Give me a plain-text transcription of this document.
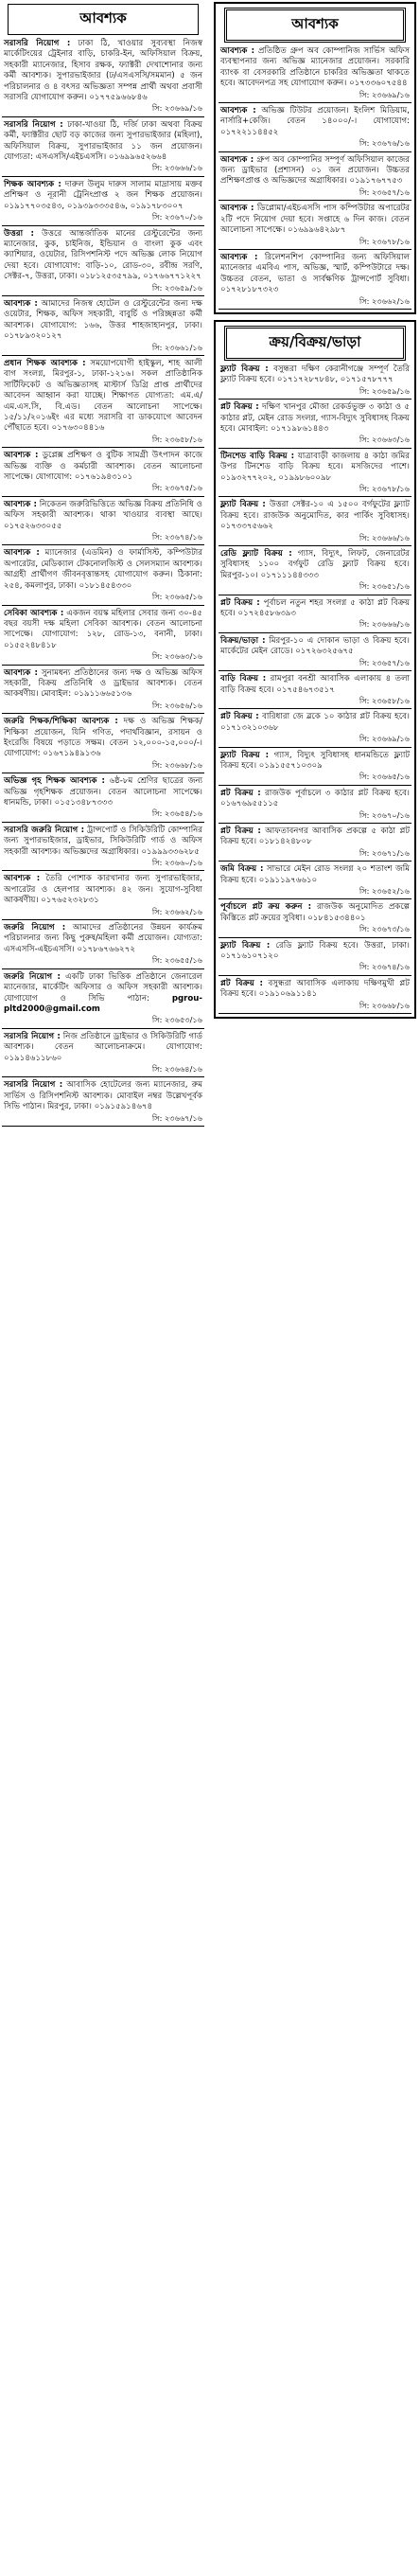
আবশ্যক
সরাসরি নিয়োগ : ঢাকা ঠি, খাওয়ার সুব্যবস্থা নিজস্ব মার্কেটিংয়ের ট্রেইনার বাড়ি, চাকরি-ইন, অফিসিয়াল বিক্রয়, সহকারী ম্যানেজার, হিসাব রক্ষক, ফ্যাক্টরী দেখাশোনার জন্য কর্মী আবশ্যক। সুপারভাইজার (ঢ/এসএসসি/সমমান) ৫ জন পরিচালনার ও ৪ বৎসর অভিজ্ঞতা সম্পন্ন প্রার্থী অথবা প্রবাসী সরাসরি যোগাযোগ করুন। ০১৭৭৫৯৬৬৮৪৬
সি: ২৩৬৬৯/১৬
সরাসরি নিয়োগ : ঢাকা-খাওয়া ঠি, দর্জি ঢাকা অথবা বিক্রয় কর্মী, ফ্যাক্টরীর ছোট বড় কাজের জন্য সুপারভাইজার (মহিলা), অফিসিয়াল বিক্রয়, সুপারভাইজার ১১ জন প্রয়োজন। যোগ্যতা: এসএসসি/এইচএসসি। ০১৬৯৯৬৫২৬৬৪
সি: ২৩৬৬৬/১৬
শিক্ষক আবশ্যক : দারুল উলুম দারুস সালাম মাদ্রাসায় মক্তব প্রশিক্ষণ ও নূরানী ট্রেনিংপ্রাপ্ত ২ জন শিক্ষক প্রয়োজন। ০১৯১৭৭০৩৫৪৩, ০১৯৩৯৩৩৩৫৪৬, ০১৯১৭৮৩০০৭
সি: ২৩৬৭০/১৬
উত্তরা : উত্তরে আন্তর্জাতিক মানের রেস্টুরেন্টের জন্য ম্যানেজার, কুক, চাইনিজ, ইন্ডিয়ান ও বাংলা কুক এবং ক্যাশিয়ার, ওয়েটার, রিসিপশনিস্ট পদে অভিজ্ঞ লোক নিয়োগ দেয়া হবে। যোগাযোগ: বাড়ি-১০, রোড-৩০, রবীন্দ্র সরণি, সেক্টর-৭, উত্তরা, ঢাকা। ০১৮১২৫৩৫৭৯৯, ০১৭৬৬৭৭১২২৭
সি: ২৩৬৫৯/১৬
আবশ্যক : আমাদের নিজস্ব হোটেল ও রেস্টুরেন্টের জন্য দক্ষ ওয়েটার, শিক্ষক, অফিস সহকারী, বাবুর্চি ও পরিচ্ছন্নতা কর্মী আবশ্যক। যোগাযোগ: ১৬৬, উত্তর শাহজাহানপুর, ঢাকা। ০১৭৮৯৩২০১২৭
সি: ২৩৬৬১/১৬
প্রধান শিক্ষক আবশ্যক : সময়োপযোগী হাইস্কুল, শাহ আলী বাগ সংলগ্ন, মিরপুর-১, ঢাকা-১২১৬। সকল প্রাতিষ্ঠানিক সার্টিফিকেট ও অভিজ্ঞতাসহ মাস্টার্স ডিগ্রি প্রাপ্ত প্রার্থীদের আবেদন আহ্বান করা যাচ্ছে। শিক্ষাগত যোগ্যতা: এম.এ/এম.এস.সি, বি.এড। বেতন আলোচনা সাপেক্ষে। ১৫/১১/২০১৬ইং এর মধ্যে সরাসরি বা ডাকযোগে আবেদন পৌঁছাতে হবে। ০১৭৬৩০৪৪১৬
সি: ২৩৬৫৮/১৬
আবশ্যক : ডুপ্লেক্স প্রশিক্ষণ ও বুটিক সামগ্রী উৎপাদন কাজে অভিজ্ঞ ব্যক্তি ও কর্মচারী আবশ্যক। বেতন আলোচনা সাপেক্ষে। যোগাযোগ: ০১৭৬১৯৪৩১০১
সি: ২৩৬৭৫/১৬
আবশ্যক : নিকেতন জরুরিভিত্তিতে অভিজ্ঞ বিক্রয় প্রতিনিধি ও অফিস সহকারী আবশ্যক। থাকা খাওয়ার ব্যবস্থা আছে। ০১৭৫২৬৩৩০৫৫
সি: ২৩৬৭৪/১৬
আবশ্যক : ম্যানেজার (এডমিন) ও ফার্মাসিস্ট, কম্পিউটার অপারেটর, মেডিক্যাল টেকনোলজিস্ট ও সেলসম্যান আবশ্যক। আগ্রহী প্রার্থীগণ জীবনবৃত্তান্তসহ যোগাযোগ করুন। ঠিকানা: ২৫৪, কমলাপুর, ঢাকা। ০১৮১৪৫৪৩৩০
সি: ২৩৬৬৫/১৬
সেবিকা আবশ্যক : একজন বয়স্ক মহিলার সেবার জন্য ৩০-৪৫ বছর বয়সী দক্ষ মহিলা সেবিকা আবশ্যক। বেতন আলোচনা সাপেক্ষে। যোগাযোগ: ১২৮, রোড-১৩, বনানী, ঢাকা। ০১৫৫২৪৮৪১৮
সি: ২৩৬৬৩/১৬
আবশ্যক : সুনামধন্য প্রতিষ্ঠানের জন্য দক্ষ ও অভিজ্ঞ অফিস সহকারী, বিক্রয় প্রতিনিধি ও ড্রাইভার আবশ্যক। বেতন আকর্ষণীয়। মোবাইল: ০১৯১১৬৬৫১৩৬
সি: ২৩৬৫৬/১৬
জরুরি শিক্ষক/শিক্ষিকা আবশ্যক : দক্ষ ও অভিজ্ঞ শিক্ষক/শিক্ষিকা প্রয়োজন, যিনি গণিত, পদার্থবিজ্ঞান, রসায়ন ও ইংরেজি বিষয়ে পড়াতে সক্ষম। বেতন ১২,০০০-১৫,০০০/-। যোগাযোগ: ০১৬৭১৯৪৯১৩৬
সি: ২৩৬৬৮/১৬
অভিজ্ঞ গৃহ শিক্ষক আবশ্যক : ৬ষ্ঠ-৮ম শ্রেণির ছাত্রের জন্য অভিজ্ঞ গৃহশিক্ষক প্রয়োজন। বেতন আলোচনা সাপেক্ষে। ধানমন্ডি, ঢাকা। ০১৫১৩৪৮৭৩৩৩
সি: ২৩৬৫৪/১৬
সরাসরি জরুরি নিয়োগ : ট্রান্সপোর্ট ও সিকিউরিটি কোম্পানির জন্য সুপারভাইজার, ড্রাইভার, সিকিউরিটি গার্ড ও অফিস সহকারী আবশ্যক। অভিজ্ঞদের অগ্রাধিকার। ০১৯৯৯৩৩৬২৮৫
সি: ২৩৬৬০/১৬
আবশ্যক : তৈরি পোশাক কারখানার জন্য সুপারভাইজার, অপারেটর ও হেলপার আবশ্যক। ৪২ জন। সুযোগ-সুবিধা আকর্ষণীয়। ০১৭৬৫২৩২৮৩১
সি: ২৩৬৬২/১৬
জরুরি নিয়োগ : আমাদের প্রতিষ্ঠানের উন্নয়ন কার্যক্রম পরিচালনার জন্য কিছু পুরুষ/মহিলা কর্মী প্রয়োজন। যোগ্যতা: এসএসসি-এইচএসসি। ০১৭৮৬৭৬৬২৭২
সি: ২৩৬৫৫/১৬
জরুরি নিয়োগ : একটি ঢাকা ভিত্তিক প্রতিষ্ঠানে জেনারেল ম্যানেজার, মার্কেটিং অফিসার ও অফিস সহকারী আবশ্যক। যোগাযোগ ও সিভি পাঠান:	pgrou-pltd2000@gmail.com
সি: ২৩৬৫৩/১৬
সরাসরি নিয়োগ : নিজ প্রতিষ্ঠানে ড্রাইভার ও সিকিউরিটি গার্ড আবশ্যক। বেতন আলোচনাক্রমে। যোগাযোগ: ০১৯১৪৬১১৮৬০
সি: ২৩৬৬৪/১৬
সরাসরি নিয়োগ : আবাসিক হোটেলের জন্য ম্যানেজার, রুম সার্ভিস ও রিসিপশনিস্ট আবশ্যক। মোবাইল নম্বর উল্লেখপূর্বক সিভি পাঠান। মিরপুর, ঢাকা। ০১৯১৫৯১৪৬৭৪
সি: ২৩৬৬৭/১৬
আবশ্যক
আবশ্যক : প্রতিষ্ঠিত গ্রুপ অব কোম্পানিজ সার্ভিস অফিস ব্যবস্থাপনার জন্য অভিজ্ঞ ম্যানেজার প্রয়োজন। সরকারি ব্যাংক বা বেসরকারি প্রতিষ্ঠানে চাকরির অভিজ্ঞতা থাকতে হবে। আবেদনপত্র সহ যোগাযোগ করুন। ০১৭৩৩৬০৭৫৪৪
সি: ২৩৬৬৯/১৬
আবশ্যক : অভিজ্ঞ টিউটর প্রয়োজন। ইংলিশ মিডিয়াম, নার্সারি+কেজি। বেতন ১৪০০০/-। যোগাযোগ: ০১৭২২১১৪৪৫২
সি: ২৩৬৭৬/১৬
আবশ্যক : গ্রুপ অব কোম্পানির সম্পূর্ণ অফিসিয়াল কাজের জন্য ড্রাইভার (প্রশাসন) ০১ জন প্রয়োজন। উচ্চতর প্রশিক্ষণপ্রাপ্ত ও অভিজ্ঞদের অগ্রাধিকার। ০১৯১৭৬৭৭৫৩
সি: ২৩৬৫৭/১৬
আবশ্যক : ডিপ্লোমা/এইচএসসি পাস কম্পিউটার অপারেটর ২টি পদে নিয়োগ দেয়া হবে। সপ্তাহে ৬ দিন কাজ। বেতন আলোচনা সাপেক্ষে। ০১৬৯৯৬৪২৯৮৭
সি: ২৩৬৭৮/১৬
আবশ্যক : রিলেশনশিপ কোম্পানির জন্য অফিসিয়াল ম্যানেজার এমবিএ পাস, অভিজ্ঞ, স্মার্ট, কম্পিউটারে দক্ষ। উচ্চতর বেতন, ভাতা ও সার্বক্ষণিক ট্রান্সপোর্ট সুবিধা। ০১৭২৮১৮৭৩২৩
সি: ২৩৬৬২/১৬
ক্রয়/বিক্রয়/ভাড়া
ফ্ল্যাট বিক্রয় : বসুন্ধরা দক্ষিণ কেরানীগঞ্জে সম্পূর্ণ তৈরি ফ্ল্যাট বিক্রয় হবে। ০১৭১৭২৮৭৮৪৮, ০১৭১৫৭৮৭৭৭
সি: ২৩৬৫৯/১৬
প্লট বিক্রয় : দক্ষিণ খানপুর মৌজা রেকর্ডভুক্ত ৩ কাঠা ও ৫ কাঠার প্লট, মেইন রোড সংলগ্ন, গ্যাস-বিদ্যুৎ সুবিধাসহ বিক্রয় হবে। মোবাইল: ০১৭১৯৮৬১৪৪৩
সি: ২৩৬৬৩/১৬
টিনশেড বাড়ি বিক্রয় : যাত্রাবাড়ী কাজলায় ৪ কাঠা জমির উপর টিনশেড বাড়ি বিক্রয় হবে। মসজিদের পাশে। ০১৯৩২৭৭২০২, ০১৯৯৮৬০০৯৮
সি: ২৩৬৭৮/১৬
ফ্ল্যাট বিক্রয় : উত্তরা সেক্টর-১০ এ ১৫০০ বর্গফুটের ফ্ল্যাট বিক্রয় হবে। রাজউক অনুমোদিত, কার পার্কিং সুবিধাসহ। ০১৭৩৩৭৫৬৬২
সি: ২৩৬৬৬/১৬
রেডি ফ্ল্যাট বিক্রয় : গ্যাস, বিদ্যুৎ, লিফট, জেনারেটর সুবিধাসহ ১১০০ বর্গফুট রেডি ফ্ল্যাট বিক্রয় হবে। মিরপুর-১০। ০১৭১১১৪৪৩৩৩
সি: ২৩৬৫১/১৬
প্লট বিক্রয় : পূর্বাচল নতুন শহর সংলগ্ন ৫ কাঠা প্লট বিক্রয় হবে। ০১৭২৪৫৮৬৩৯৩
সি: ২৩৬৬৬/১৬
বিক্রয়/ভাড়া : মিরপুর-১০ এ দোকান ভাড়া ও বিক্রয় হবে। মার্কেটের মেইন রোডে। ০১৭২৬৩২৫৬৭৫
সি: ২৩৬৫৭/১৬
বাড়ি বিক্রয় : রামপুরা বনশ্রী আবাসিক এলাকায় ৪ তলা বাড়ি বিক্রয় হবে। ০১৭৫৪৬৭৩৫১৭
সি: ২৩৬৫৮/১৬
প্লট বিক্রয় : বারিধারা জে ব্লকে ১০ কাঠার প্লট বিক্রয় হবে। ০১৭১৩২১০৩৬৮
সি: ২৩৬৬৯/১৬
ফ্ল্যাট বিক্রয় : গ্যাস, বিদ্যুৎ সুবিধাসহ ধানমন্ডিতে ফ্ল্যাট বিক্রয় হবে। ০১৯১৫৫৭১০৩০৯
সি: ২৩৬৬৫/১৬
প্লট বিক্রয় : রাজউক পূর্বাচলে ৩ কাঠার প্লট বিক্রয় হবে। ০১৬৭৬৯৫৫১১৫
সি: ২৩৬৭০/১৬
প্লট বিক্রয় : আফতাবনগর আবাসিক প্রকল্পে ৫ কাঠা প্লট বিক্রয় হবে। ০১৮১৪২৪৮০৮
সি: ২৩৬৭১/১৬
জমি বিক্রয় : সাভারে মেইন রোড সংলগ্ন ২০ শতাংশ জমি বিক্রয় হবে। ০১৯১১৯৭৬৬১০
সি: ২৩৬৫২/১৬
পূর্বাচলে প্লট ক্রয় করুন : রাজউক অনুমোদিত প্রকল্পে কিস্তিতে প্লট ক্রয়ের সুবিধা। ০১৮৪১৫৩৪৪০১
সি: ২৩৬৭৩/১৬
ফ্ল্যাট বিক্রয় : রেডি ফ্ল্যাট বিক্রয় হবে। উত্তরা, ঢাকা। ০১৭১৬১০৭১২০
সি: ২৩৬৭৪/১৬
প্লট বিক্রয় : বসুন্ধরা আবাসিক এলাকায় দক্ষিণমুখী প্লট বিক্রয় হবে। ০১৯১০৬৯১১৪১
সি: ২৩৬৬৮/১৬
